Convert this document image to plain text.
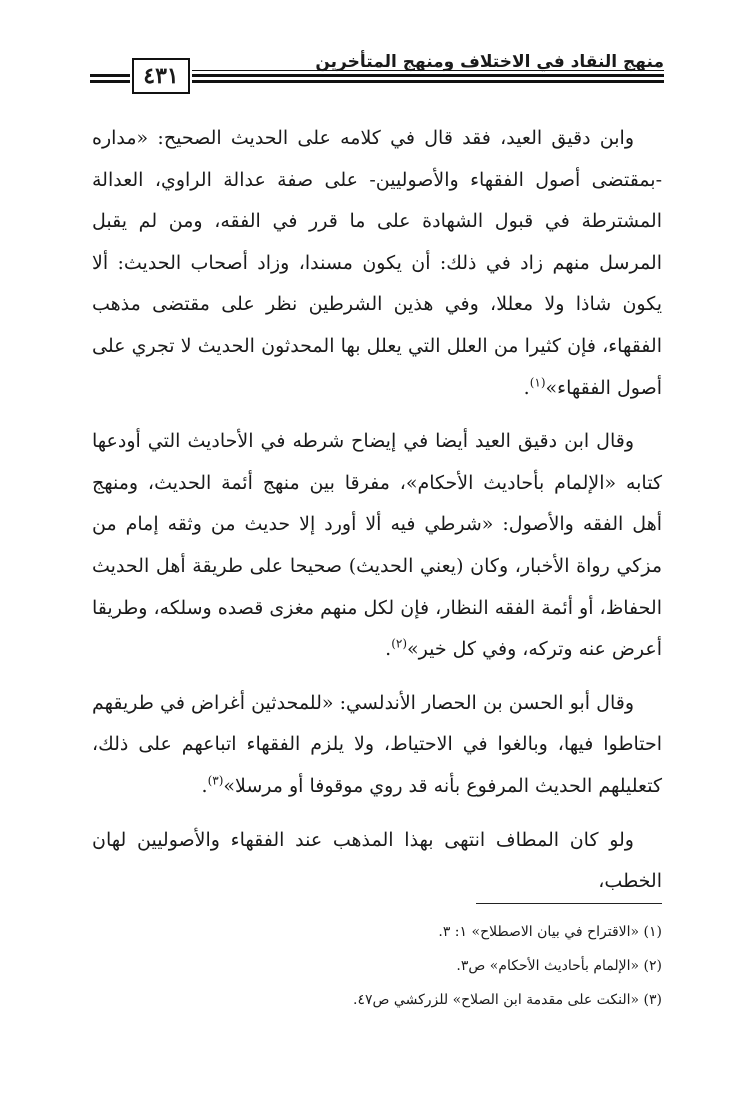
٤٣١
منهج النقاد في الاختلاف ومنهج المتأخرين

وابن دقيق العيد، فقد قال في كلامه على الحديث الصحيح: «مداره -بمقتضى أصول الفقهاء والأصوليين- على صفة عدالة الراوي، العدالة المشترطة في قبول الشهادة على ما قرر في الفقه، ومن لم يقبل المرسل منهم زاد في ذلك: أن يكون مسندا، وزاد أصحاب الحديث: ألا يكون شاذا ولا معللا، وفي هذين الشرطين نظر على مقتضى مذهب الفقهاء، فإن كثيرا من العلل التي يعلل بها المحدثون الحديث لا تجري على أصول الفقهاء»$^{(١)}$.

وقال ابن دقيق العيد أيضا في إيضاح شرطه في الأحاديث التي أودعها كتابه «الإلمام بأحاديث الأحكام»، مفرقا بين منهج أئمة الحديث، ومنهج أهل الفقه والأصول: «شرطي فيه ألا أورد إلا حديث من وثقه إمام من مزكي رواة الأخبار، وكان (يعني الحديث) صحيحا على طريقة أهل الحديث الحفاظ، أو أئمة الفقه النظار، فإن لكل منهم مغزى قصده وسلكه، وطريقا أعرض عنه وتركه، وفي كل خير»$^{(٢)}$.

وقال أبو الحسن بن الحصار الأندلسي: «للمحدثين أغراض في طريقهم احتاطوا فيها، وبالغوا في الاحتياط، ولا يلزم الفقهاء اتباعهم على ذلك، كتعليلهم الحديث المرفوع بأنه قد روي موقوفا أو مرسلا»$^{(٣)}$.

ولو كان المطاف انتهى بهذا المذهب عند الفقهاء والأصوليين لهان الخطب،

(١) «الاقتراح في بيان الاصطلاح» ١: ٣.

(٢) «الإلمام بأحاديث الأحكام» ص٣.

(٣) «النكت على مقدمة ابن الصلاح» للزركشي ص٤٧.
